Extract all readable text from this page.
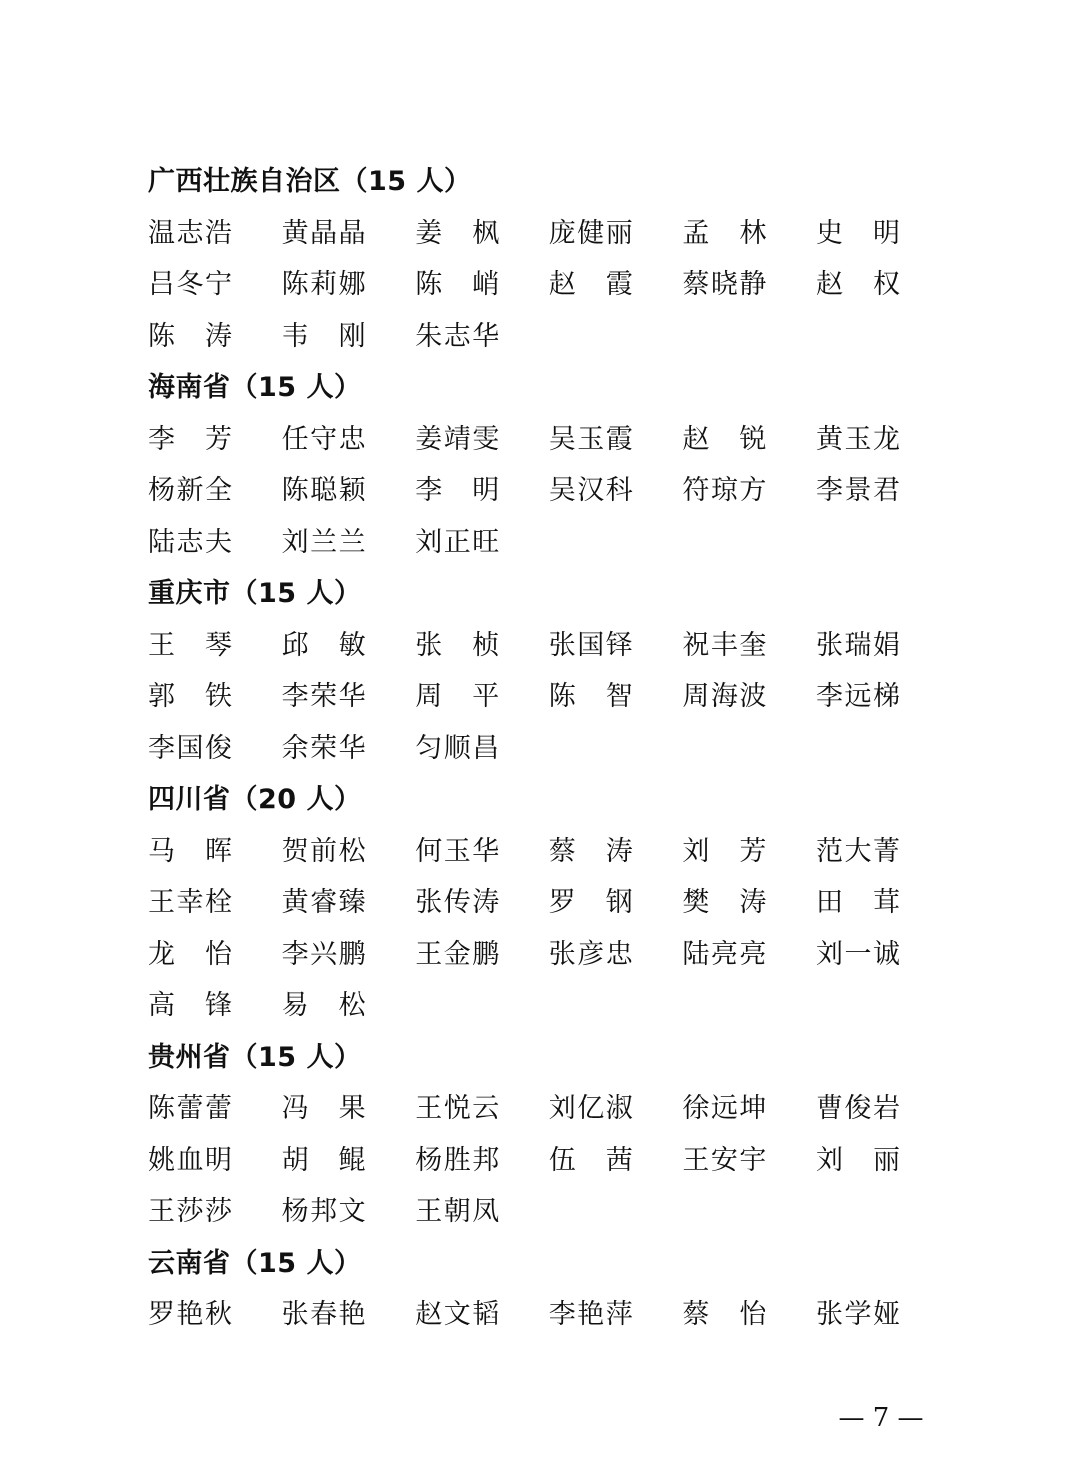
广西壮族自治区（15 人）
温 志 浩 黄 晶 晶 姜 枫 庞 健 丽 孟 林 史 明
吕 冬 宁 陈 莉 娜 陈 峭 赵 霞 蔡 晓 静 赵 权
陈 涛 韦 刚 朱 志 华
海南省（15 人）
李 芳 任 守 忠 姜 靖 雯 吴 玉 霞 赵 锐 黄 玉 龙
杨 新 全 陈 聪 颖 李 明 吴 汉 科 符 琼 方 李 景 君
陆 志 夫 刘 兰 兰 刘 正 旺
重庆市（15 人）
王 琴 邱 敏 张 桢 张 国 铎 祝 丰 奎 张 瑞 娟
郭 铁 李 荣 华 周 平 陈 智 周 海 波 李 远 梯
李 国 俊 余 荣 华 匀 顺 昌
四川省（20 人）
马 晖 贺 前 松 何 玉 华 蔡 涛 刘 芳 范 大 菁
王 幸 栓 黄 睿 臻 张 传 涛 罗 钢 樊 涛 田 茸
龙 怡 李 兴 鹏 王 金 鹏 张 彦 忠 陆 亮 亮 刘 一 诚
高 锋 易 松
贵州省（15 人）
陈 蕾 蕾 冯 果 王 悦 云 刘 亿 淑 徐 远 坤 曹 俊 岩
姚 血 明 胡 鲲 杨 胜 邦 伍 茜 王 安 宇 刘 丽
王 莎 莎 杨 邦 文 王 朝 凤
云南省（15 人）
罗 艳 秋 张 春 艳 赵 文 韬 李 艳 萍 蔡 怡 张 学 娅
— 7 —
